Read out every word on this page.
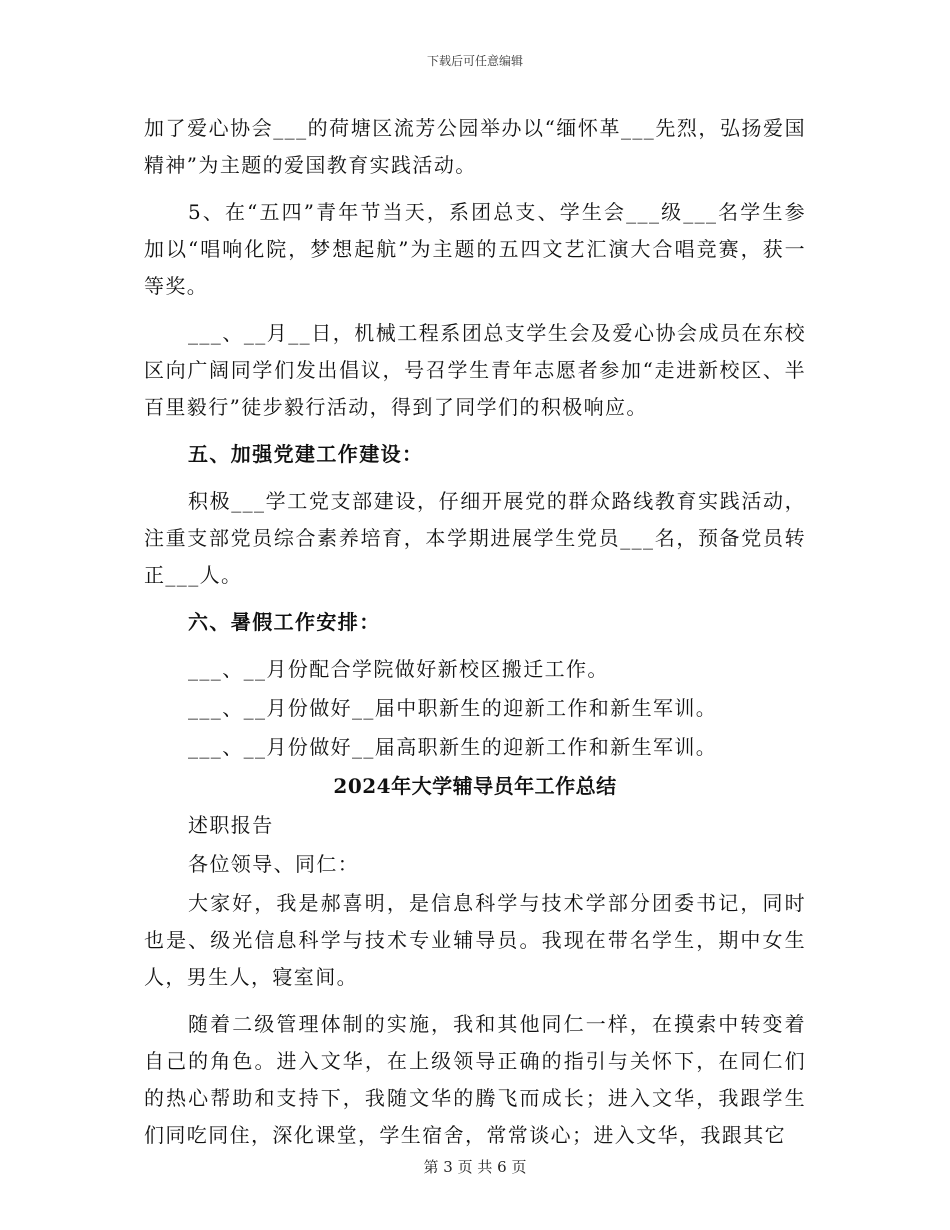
下载后可任意编辑

加了爱心协会___的荷塘区流芳公园举办以“缅怀革___先烈，弘扬爱国精神”为主题的爱国教育实践活动。

5、在“五四”青年节当天，系团总支、学生会___级___名学生参加以“唱响化院，梦想起航”为主题的五四文艺汇演大合唱竞赛，获一等奖。

___、__月__日，机械工程系团总支学生会及爱心协会成员在东校区向广阔同学们发出倡议，号召学生青年志愿者参加“走进新校区、半百里毅行”徒步毅行活动，得到了同学们的积极响应。

五、加强党建工作建设：

积极___学工党支部建设，仔细开展党的群众路线教育实践活动，注重支部党员综合素养培育，本学期进展学生党员___名，预备党员转正___人。

六、暑假工作安排：

___、__月份配合学院做好新校区搬迁工作。

___、__月份做好__届中职新生的迎新工作和新生军训。

___、__月份做好__届高职新生的迎新工作和新生军训。

2024年大学辅导员年工作总结

述职报告

各位领导、同仁：

大家好，我是郝喜明，是信息科学与技术学部分团委书记，同时也是、级光信息科学与技术专业辅导员。我现在带名学生，期中女生人，男生人，寝室间。

随着二级管理体制的实施，我和其他同仁一样，在摸索中转变着自己的角色。进入文华，在上级领导正确的指引与关怀下，在同仁们的热心帮助和支持下，我随文华的腾飞而成长；进入文华，我跟学生们同吃同住，深化课堂，学生宿舍，常常谈心；进入文华，我跟其它

第 3 页 共 6 页
